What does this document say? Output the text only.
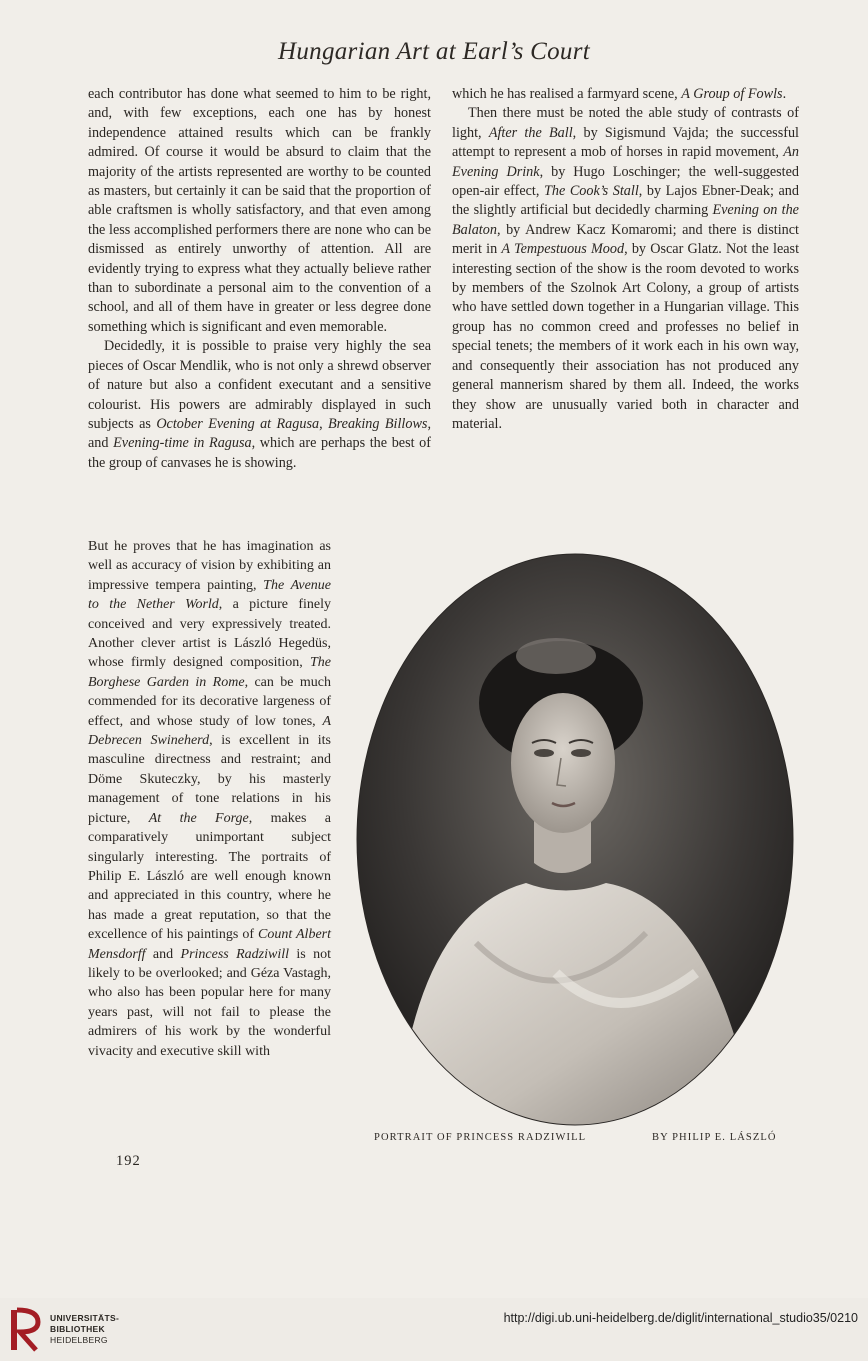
Hungarian Art at Earl’s Court

each contributor has done what seemed to him to be right, and, with few exceptions, each one has by honest independence attained results which can be frankly admired. Of course it would be absurd to claim that the majority of the artists represented are worthy to be counted as masters, but certainly it can be said that the proportion of able craftsmen is wholly satisfactory, and that even among the less accomplished performers there are none who can be dismissed as entirely unworthy of attention. All are evidently trying to express what they actually believe rather than to subordinate a personal aim to the convention of a school, and all of them have in greater or less degree done something which is significant and even memorable.

Decidedly, it is possible to praise very highly the sea pieces of Oscar Mendlik, who is not only a shrewd observer of nature but also a confident executant and a sensitive colourist. His powers are admirably displayed in such subjects as October Evening at Ragusa, Breaking Billows, and Evening-time in Ragusa, which are perhaps the best of the group of canvases he is showing.

But he proves that he has imagination as well as accuracy of vision by exhibiting an impressive tempera painting, The Avenue to the Nether World, a picture finely conceived and very expressively treated. Another clever artist is László Hegedüs, whose firmly designed composition, The Borghese Garden in Rome, can be much commended for its decorative largeness of effect, and whose study of low tones, A Debrecen Swineherd, is excellent in its masculine directness and restraint; and Döme Skuteczky, by his masterly management of tone relations in his picture, At the Forge, makes a comparatively unimportant subject singularly interesting. The portraits of Philip E. László are well enough known and appreciated in this country, where he has made a great reputation, so that the excellence of his paintings of Count Albert Mensdorff and Princess Radziwill is not likely to be overlooked; and Géza Vastagh, who also has been popular here for many years past, will not fail to please the admirers of his work by the wonderful vivacity and executive skill with

which he has realised a farmyard scene, A Group of Fowls.

Then there must be noted the able study of contrasts of light, After the Ball, by Sigismund Vajda; the successful attempt to represent a mob of horses in rapid movement, An Evening Drink, by Hugo Loschinger; the well-suggested open-air effect, The Cook’s Stall, by Lajos Ebner-Deak; and the slightly artificial but decidedly charming Evening on the Balaton, by Andrew Kacz Komaromi; and there is distinct merit in A Tempestuous Mood, by Oscar Glatz. Not the least interesting section of the show is the room devoted to works by members of the Szolnok Art Colony, a group of artists who have settled down together in a Hungarian village. This group has no common creed and professes no belief in special tenets; the members of it work each in his own way, and consequently their association has not produced any general mannerism shared by them all. Indeed, the works they show are unusually varied both in character and material.

PORTRAIT OF PRINCESS RADZIWILL	BY PHILIP E. LÁSZLÓ
192
UNIVERSITÄTS-
BIBLIOTHEK
HEIDELBERG
http://digi.ub.uni-heidelberg.de/diglit/international_studio35/0210
